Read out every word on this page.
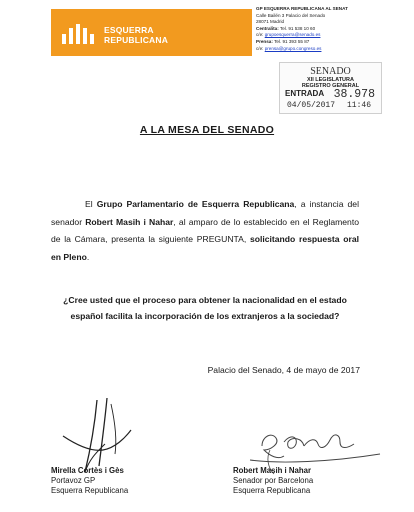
ESQUERRA
REPUBLICANA
GP ESQUERRA REPUBLICANA AL SENAT
Calle Bailén 3 Palacio del Senado
28071 Madrid
Centralita: Tel. 91 538 10 60
c/e: grupoesquerra@senado.es
Prensa: Tel. 91 393 55 87
c/e: prensa@grupo.congreso.es
SENADO
XII LEGISLATURA
REGISTRO GENERAL
ENTRADA 38.978
04/05/2017 11:46
A LA MESA DEL SENADO
El Grupo Parlamentario de Esquerra Republicana, a instancia del senador Robert Masih i Nahar, al amparo de lo establecido en el Reglamento de la Cámara, presenta la siguiente PREGUNTA, solicitando respuesta oral en Pleno.
¿Cree usted que el proceso para obtener la nacionalidad en el estado español facilita la incorporación de los extranjeros a la sociedad?
Palacio del Senado, 4 de mayo de 2017
Mirella Cortès i Gès
Portavoz GP
Esquerra Republicana
Robert Masih i Nahar
Senador por Barcelona
Esquerra Republicana
